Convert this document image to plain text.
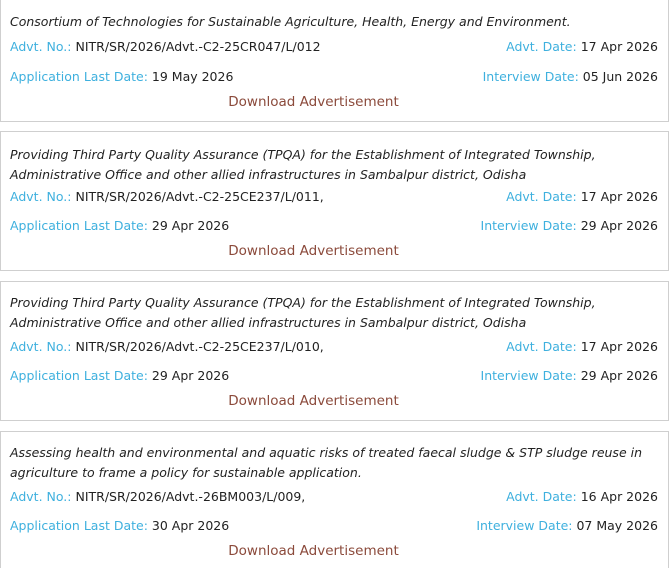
Consortium of Technologies for Sustainable Agriculture, Health, Energy and Environment.

Advt. No.: NITR/SR/2026/Advt.-C2-25CR047/L/012	Advt. Date: 17 Apr 2026
Application Last Date: 19 May 2026	Interview Date: 05 Jun 2026
Download Advertisement

Providing Third Party Quality Assurance (TPQA) for the Establishment of Integrated Township, Administrative Office and other allied infrastructures in Sambalpur district, Odisha

Advt. No.: NITR/SR/2026/Advt.-C2-25CE237/L/011,	Advt. Date: 17 Apr 2026
Application Last Date: 29 Apr 2026	Interview Date: 29 Apr 2026
Download Advertisement

Providing Third Party Quality Assurance (TPQA) for the Establishment of Integrated Township, Administrative Office and other allied infrastructures in Sambalpur district, Odisha

Advt. No.: NITR/SR/2026/Advt.-C2-25CE237/L/010,	Advt. Date: 17 Apr 2026
Application Last Date: 29 Apr 2026	Interview Date: 29 Apr 2026
Download Advertisement

Assessing health and environmental and aquatic risks of treated faecal sludge & STP sludge reuse in agriculture to frame a policy for sustainable application.

Advt. No.: NITR/SR/2026/Advt.-26BM003/L/009,	Advt. Date: 16 Apr 2026
Application Last Date: 30 Apr 2026	Interview Date: 07 May 2026
Download Advertisement
